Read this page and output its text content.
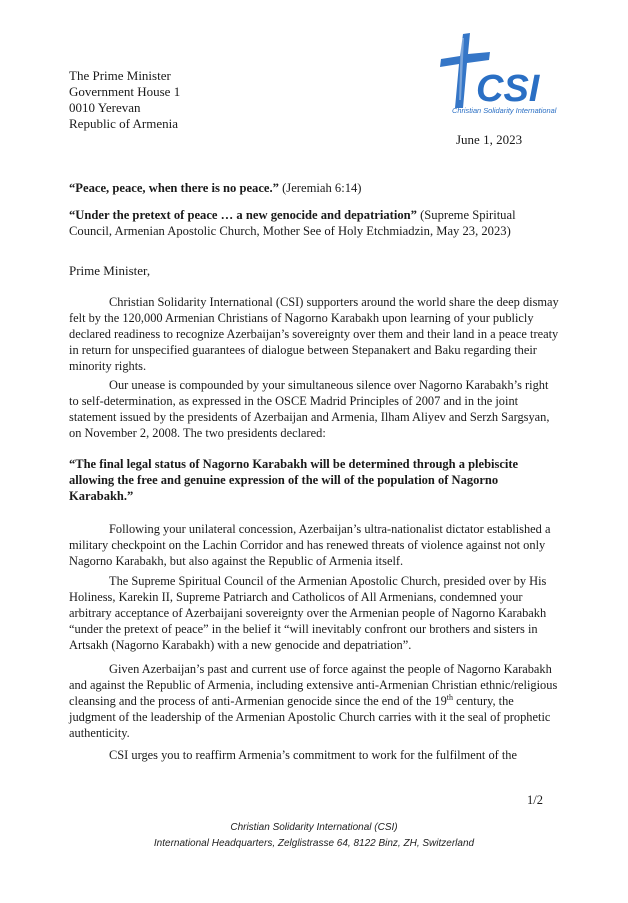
The Prime Minister
Government House 1
0010 Yerevan
Republic of Armenia
CSI
Christian Solidarity International
June 1, 2023
“Peace, peace, when there is no peace.” (Jeremiah 6:14)
“Under the pretext of peace … a new genocide and depatriation” (Supreme Spiritual Council, Armenian Apostolic Church, Mother See of Holy Etchmiadzin, May 23, 2023)
Prime Minister,
Christian Solidarity International (CSI) supporters around the world share the deep dismay felt by the 120,000 Armenian Christians of Nagorno Karabakh upon learning of your publicly declared readiness to recognize Azerbaijan’s sovereignty over them and their land in a peace treaty in return for unspecified guarantees of dialogue between Stepanakert and Baku regarding their minority rights.
Our unease is compounded by your simultaneous silence over Nagorno Karabakh’s right to self-determination, as expressed in the OSCE Madrid Principles of 2007 and in the joint statement issued by the presidents of Azerbaijan and Armenia, Ilham Aliyev and Serzh Sargsyan, on November 2, 2008. The two presidents declared:
“The final legal status of Nagorno Karabakh will be determined through a plebiscite allowing the free and genuine expression of the will of the population of Nagorno Karabakh.”
Following your unilateral concession, Azerbaijan’s ultra-nationalist dictator established a military checkpoint on the Lachin Corridor and has renewed threats of violence against not only Nagorno Karabakh, but also against the Republic of Armenia itself.
The Supreme Spiritual Council of the Armenian Apostolic Church, presided over by His Holiness, Karekin II, Supreme Patriarch and Catholicos of All Armenians, condemned your arbitrary acceptance of Azerbaijani sovereignty over the Armenian people of Nagorno Karabakh “under the pretext of peace” in the belief it “will inevitably confront our brothers and sisters in Artsakh (Nagorno Karabakh) with a new genocide and depatriation”.
Given Azerbaijan’s past and current use of force against the people of Nagorno Karabakh and against the Republic of Armenia, including extensive anti-Armenian Christian ethnic/religious cleansing and the process of anti-Armenian genocide since the end of the 19th century, the judgment of the leadership of the Armenian Apostolic Church carries with it the seal of prophetic authenticity.
CSI urges you to reaffirm Armenia’s commitment to work for the fulfilment of the
1/2
Christian Solidarity International (CSI)
International Headquarters, Zelglistrasse 64, 8122 Binz, ZH, Switzerland
